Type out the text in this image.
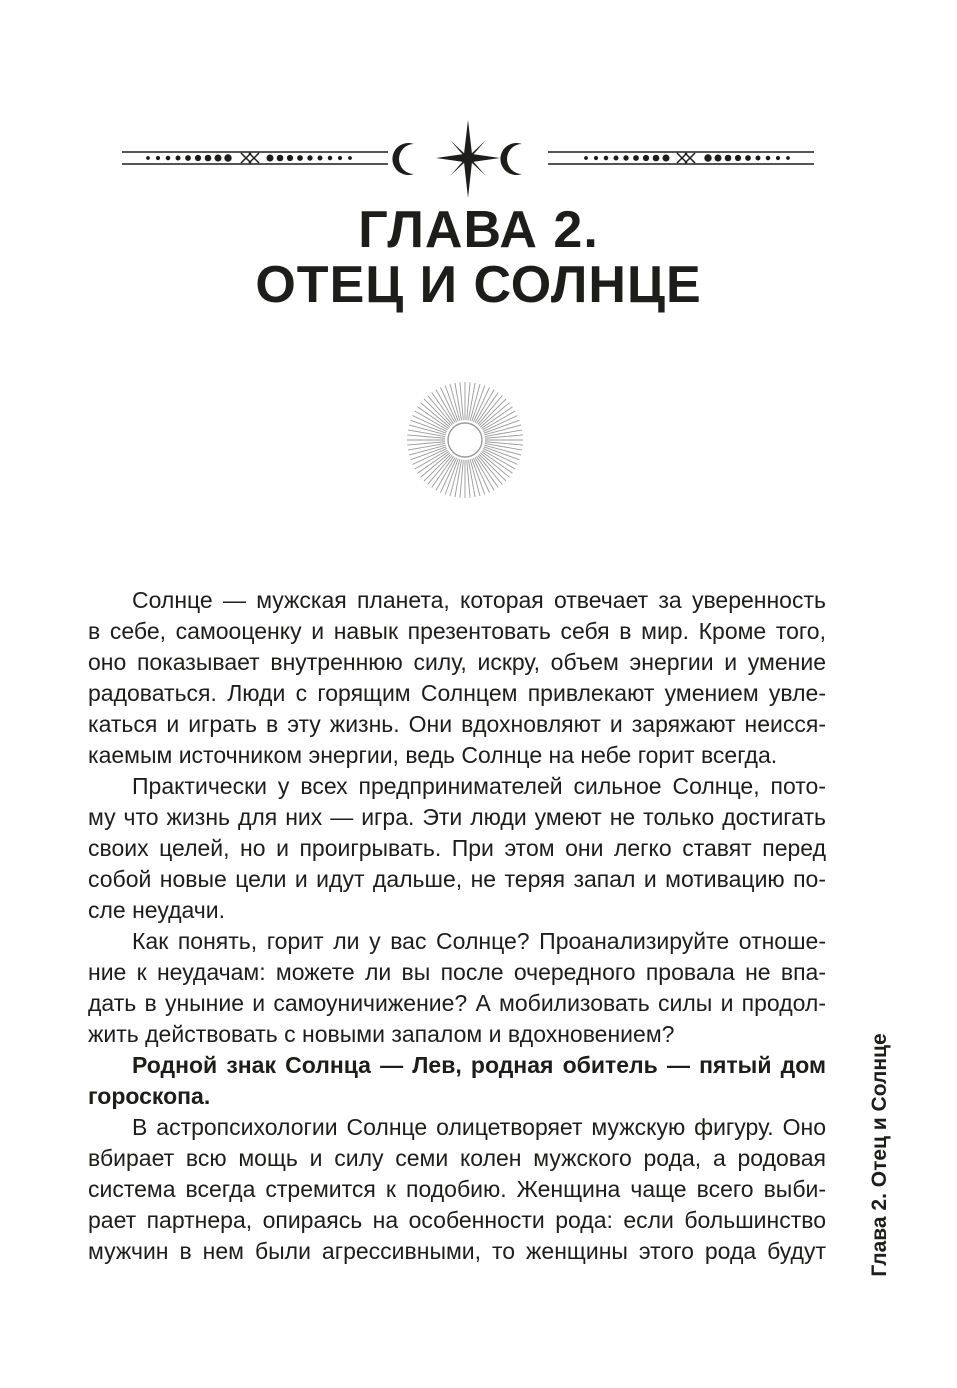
ГЛАВА 2.
ОТЕЦ И СОЛНЦЕ
Солнце — мужская планета, которая отвечает за уверенность
в себе, самооценку и навык презентовать себя в мир. Кроме того,
оно показывает внутреннюю силу, искру, объем энергии и умение
радоваться. Люди с горящим Солнцем привлекают умением увле-
каться и играть в эту жизнь. Они вдохновляют и заряжают неисся-
каемым источником энергии, ведь Солнце на небе горит всегда.
Практически у всех предпринимателей сильное Солнце, пото-
му что жизнь для них — игра. Эти люди умеют не только достигать
своих целей, но и проигрывать. При этом они легко ставят перед
собой новые цели и идут дальше, не теряя запал и мотивацию по-
сле неудачи.
Как понять, горит ли у вас Солнце? Проанализируйте отноше-
ние к неудачам: можете ли вы после очередного провала не впа-
дать в уныние и самоуничижение? А мобилизовать силы и продол-
жить действовать с новыми запалом и вдохновением?
Родной знак Солнца — Лев, родная обитель — пятый дом
гороскопа.
В астропсихологии Солнце олицетворяет мужскую фигуру. Оно
вбирает всю мощь и силу семи колен мужского рода, а родовая
система всегда стремится к подобию. Женщина чаще всего выби-
рает партнера, опираясь на особенности рода: если большинство
мужчин в нем были агрессивными, то женщины этого рода будут Глава 2. Отец и Солнце
